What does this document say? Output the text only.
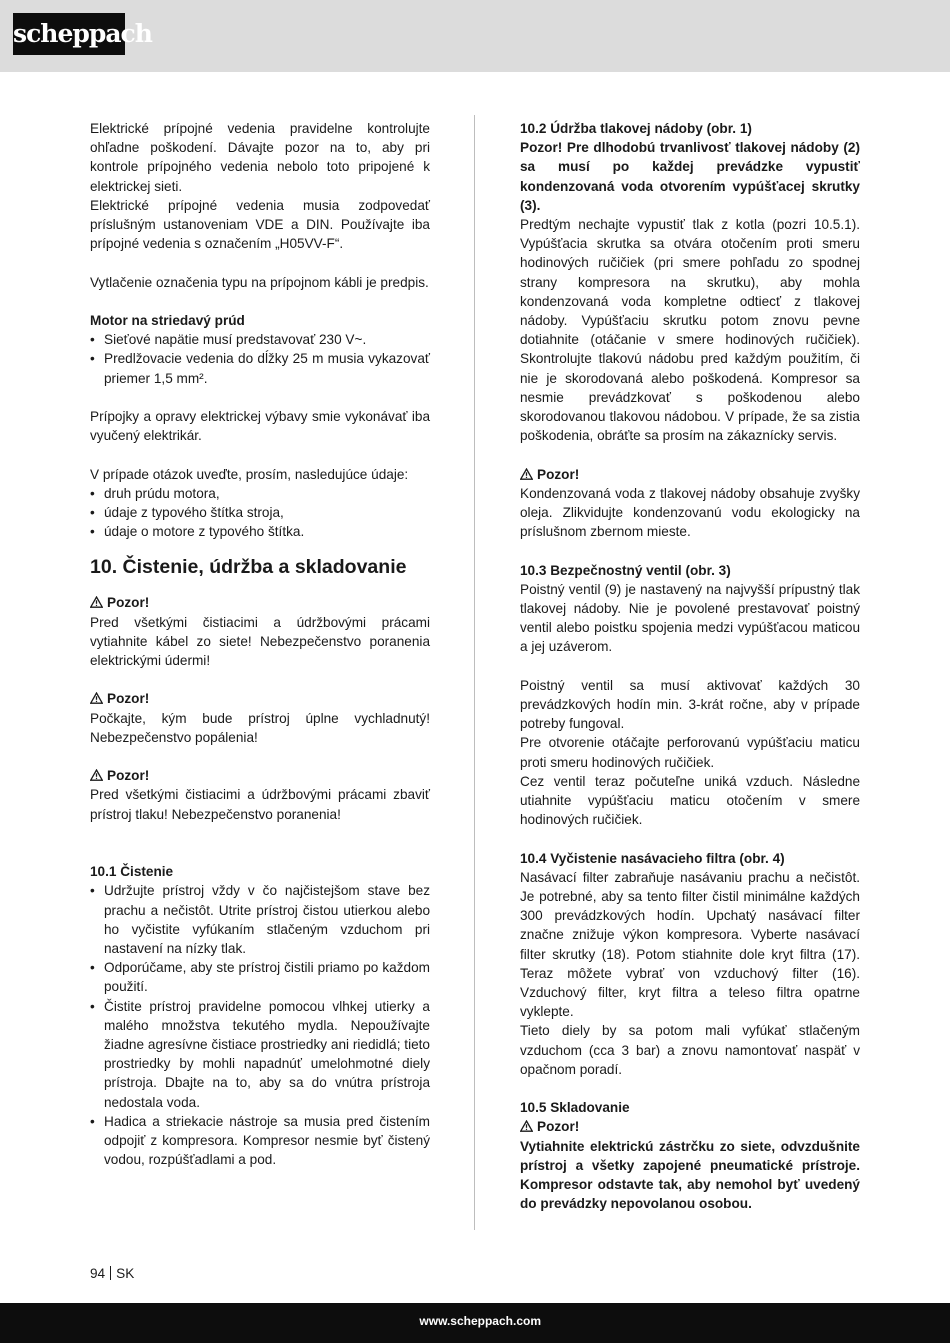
scheppach

Elektrické prípojné vedenia pravidelne kontrolujte ohľadne poškodení. Dávajte pozor na to, aby pri kontrole prípojného vedenia nebolo toto pripojené k elektrickej sieti.

Elektrické prípojné vedenia musia zodpovedať príslušným ustanoveniam VDE a DIN. Používajte iba prípojné vedenia s označením „H05VV-F“.

Vytlačenie označenia typu na prípojnom kábli je predpis.

Motor na striedavý prúd

• Sieťové napätie musí predstavovať 230 V~.
• Predlžovacie vedenia do dĺžky 25 m musia vykazovať priemer 1,5 mm².

Prípojky a opravy elektrickej výbavy smie vykonávať iba vyučený elektrikár.

V prípade otázok uveďte, prosím, nasledujúce údaje:

• druh prúdu motora,
• údaje z typového štítka stroja,
• údaje o motore z typového štítka.

10. Čistenie, údržba a skladovanie

Pozor!

Pred všetkými čistiacimi a údržbovými prácami vytiahnite kábel zo siete! Nebezpečenstvo poranenia elektrickými údermi!

Pozor!

Počkajte, kým bude prístroj úplne vychladnutý! Nebezpečenstvo popálenia!

Pozor!

Pred všetkými čistiacimi a údržbovými prácami zbaviť prístroj tlaku! Nebezpečenstvo poranenia!

10.1 Čistenie

• Udržujte prístroj vždy v čo najčistejšom stave bez prachu a nečistôt. Utrite prístroj čistou utierkou alebo ho vyčistite vyfúkaním stlačeným vzduchom pri nastavení na nízky tlak.
• Odporúčame, aby ste prístroj čistili priamo po každom použití.
• Čistite prístroj pravidelne pomocou vlhkej utierky a malého množstva tekutého mydla. Nepoužívajte žiadne agresívne čistiace prostriedky ani riedidlá; tieto prostriedky by mohli napadnúť umelohmotné diely prístroja. Dbajte na to, aby sa do vnútra prístroja nedostala voda.
• Hadica a striekacie nástroje sa musia pred čistením odpojiť z kompresora. Kompresor nesmie byť čistený vodou, rozpúšťadlami a pod.

10.2 Údržba tlakovej nádoby (obr. 1)

Pozor! Pre dlhodobú trvanlivosť tlakovej nádoby (2) sa musí po každej prevádzke vypustiť kondenzovaná voda otvorením vypúšťacej skrutky (3).

Predtým nechajte vypustiť tlak z kotla (pozri 10.5.1). Vypúšťacia skrutka sa otvára otočením proti smeru hodinových ručičiek (pri smere pohľadu zo spodnej strany kompresora na skrutku), aby mohla kondenzovaná voda kompletne odtiecť z tlakovej nádoby. Vypúšťaciu skrutku potom znovu pevne dotiahnite (otáčanie v smere hodinových ručičiek). Skontrolujte tlakovú nádobu pred každým použitím, či nie je skorodovaná alebo poškodená. Kompresor sa nesmie prevádzkovať s poškodenou alebo skorodovanou tlakovou nádobou. V prípade, že sa zistia poškodenia, obráťte sa prosím na zákaznícky servis.

Pozor!

Kondenzovaná voda z tlakovej nádoby obsahuje zvyšky oleja. Zlikvidujte kondenzovanú vodu ekologicky na príslušnom zbernom mieste.

10.3 Bezpečnostný ventil (obr. 3)

Poistný ventil (9) je nastavený na najvyšší prípustný tlak tlakovej nádoby. Nie je povolené prestavovať poistný ventil alebo poistku spojenia medzi vypúšťacou maticou a jej uzáverom.

Poistný ventil sa musí aktivovať každých 30 prevádzkových hodín min. 3-krát ročne, aby v prípade potreby fungoval.

Pre otvorenie otáčajte perforovanú vypúšťaciu maticu proti smeru hodinových ručičiek.

Cez ventil teraz počuteľne uniká vzduch. Následne utiahnite vypúšťaciu maticu otočením v smere hodinových ručičiek.

10.4 Vyčistenie nasávacieho filtra (obr. 4)

Nasávací filter zabraňuje nasávaniu prachu a nečistôt. Je potrebné, aby sa tento filter čistil minimálne každých 300 prevádzkových hodín. Upchatý nasávací filter značne znižuje výkon kompresora. Vyberte nasávací filter skrutky (18). Potom stiahnite dole kryt filtra (17). Teraz môžete vybrať von vzduchový filter (16). Vzduchový filter, kryt filtra a teleso filtra opatrne vyklepte.

Tieto diely by sa potom mali vyfúkať stlačeným vzduchom (cca 3 bar) a znovu namontovať naspäť v opačnom poradí.

10.5 Skladovanie

Pozor!

Vytiahnite elektrickú zástrčku zo siete, odvzdušnite prístroj a všetky zapojené pneumatické prístroje. Kompresor odstavte tak, aby nemohol byť uvedený do prevádzky nepovolanou osobou.

94 SK
www.scheppach.com
